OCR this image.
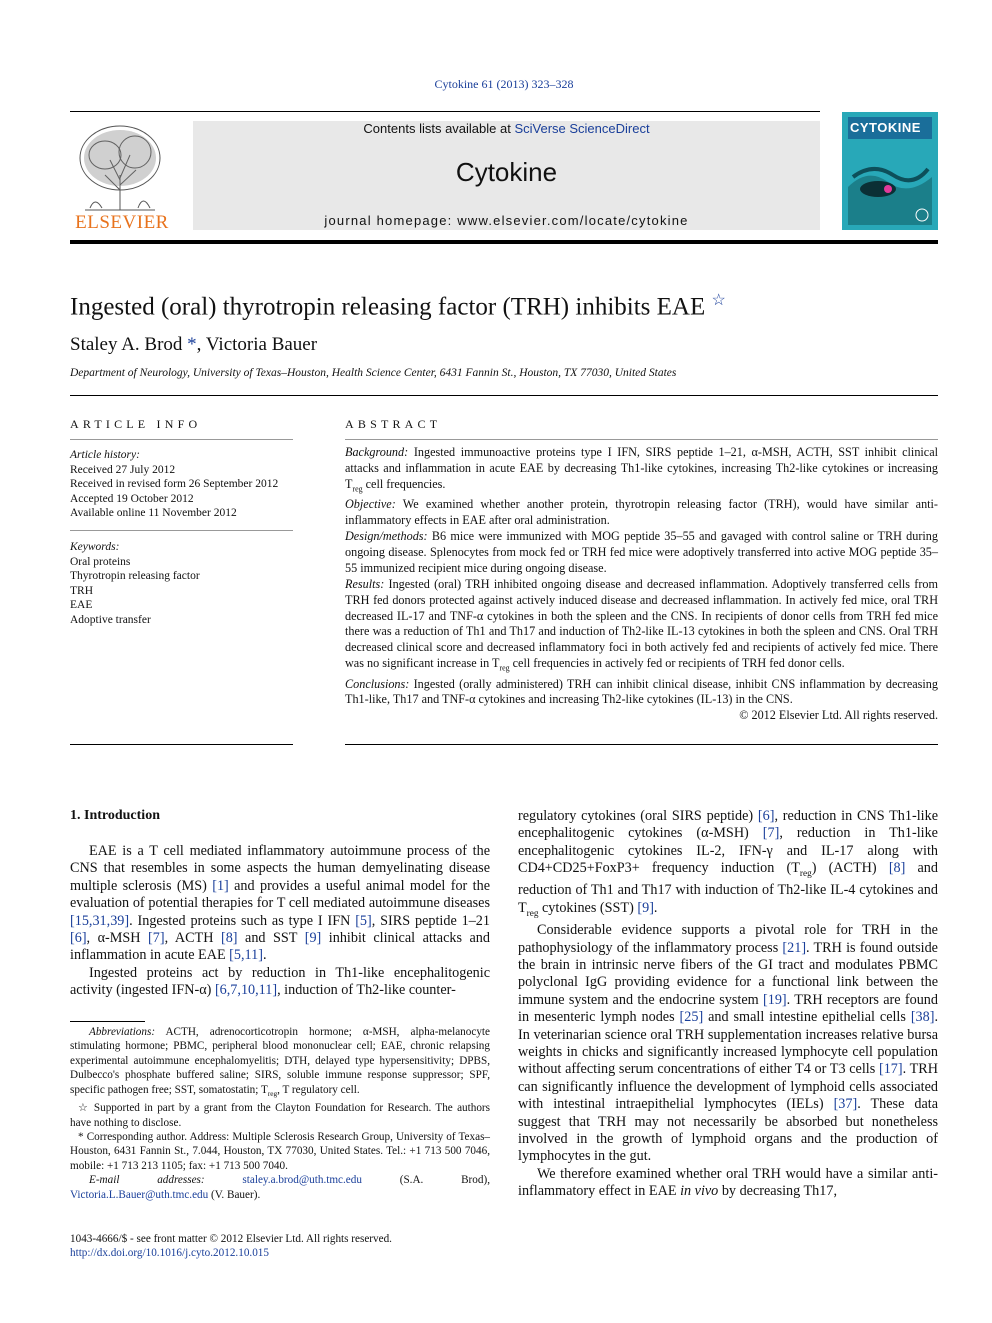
Cytokine 61 (2013) 323–328
ELSEVIER
Contents lists available at SciVerse ScienceDirect
Cytokine
journal homepage: www.elsevier.com/locate/cytokine
CYTOKINE
Ingested (oral) thyrotropin releasing factor (TRH) inhibits EAE ☆
Staley A. Brod *, Victoria Bauer
Department of Neurology, University of Texas–Houston, Health Science Center, 6431 Fannin St., Houston, TX 77030, United States
ARTICLE INFO
Article history:
Received 27 July 2012
Received in revised form 26 September 2012
Accepted 19 October 2012
Available online 11 November 2012
Keywords:
Oral proteins
Thyrotropin releasing factor
TRH
EAE
Adoptive transfer
ABSTRACT

Background: Ingested immunoactive proteins type I IFN, SIRS peptide 1–21, α-MSH, ACTH, SST inhibit clinical attacks and inflammation in acute EAE by decreasing Th1-like cytokines, increasing Th2-like cytokines or increasing $T_{reg}$ cell frequencies.

Objective: We examined whether another protein, thyrotropin releasing factor (TRH), would have similar anti-inflammatory effects in EAE after oral administration.

Design/methods: B6 mice were immunized with MOG peptide 35–55 and gavaged with control saline or TRH during ongoing disease. Splenocytes from mock fed or TRH fed mice were adoptively transferred into active MOG peptide 35–55 immunized recipient mice during ongoing disease.

Results: Ingested (oral) TRH inhibited ongoing disease and decreased inflammation. Adoptively transferred cells from TRH fed donors protected against actively induced disease and decreased inflammation. In actively fed mice, oral TRH decreased IL-17 and TNF-α cytokines in both the spleen and the CNS. In recipients of donor cells from TRH fed mice there was a reduction of Th1 and Th17 and induction of Th2-like IL-13 cytokines in both the spleen and CNS. Oral TRH decreased clinical score and decreased inflammatory foci in both actively fed and recipients of actively fed mice. There was no significant increase in $T_{reg}$ cell frequencies in actively fed or recipients of TRH fed donor cells.

Conclusions: Ingested (orally administered) TRH can inhibit clinical disease, inhibit CNS inflammation by decreasing Th1-like, Th17 and TNF-α cytokines and increasing Th2-like cytokines (IL-13) in the CNS.

© 2012 Elsevier Ltd. All rights reserved.

1. Introduction

EAE is a T cell mediated inflammatory autoimmune process of the CNS that resembles in some aspects the human demyelinating disease multiple sclerosis (MS) [1] and provides a useful animal model for the evaluation of potential therapies for T cell mediated autoimmune diseases [15,31,39]. Ingested proteins such as type I IFN [5], SIRS peptide 1–21 [6], α-MSH [7], ACTH [8] and SST [9] inhibit clinical attacks and inflammation in acute EAE [5,11].

Ingested proteins act by reduction in Th1-like encephalitogenic activity (ingested IFN-α) [6,7,10,11], induction of Th2-like counter-

Abbreviations: ACTH, adrenocorticotropin hormone; α-MSH, alpha-melanocyte stimulating hormone; PBMC, peripheral blood mononuclear cell; EAE, chronic relapsing experimental autoimmune encephalomyelitis; DTH, delayed type hypersensitivity; DPBS, Dulbecco's phosphate buffered saline; SIRS, soluble immune response suppressor; SPF, specific pathogen free; SST, somatostatin; $T_{reg}$, T regulatory cell.

☆ Supported in part by a grant from the Clayton Foundation for Research. The authors have nothing to disclose.

* Corresponding author. Address: Multiple Sclerosis Research Group, University of Texas–Houston, 6431 Fannin St., 7.044, Houston, TX 77030, United States. Tel.: +1 713 500 7046, mobile: +1 713 213 1105; fax: +1 713 500 7040.

E-mail addresses:	staley.a.brod@uth.tmc.edu (S.A. Brod), Victoria.L.Bauer@uth.tmc.edu (V. Bauer).

1043-4666/$ - see front matter © 2012 Elsevier Ltd. All rights reserved.
http://dx.doi.org/10.1016/j.cyto.2012.10.015

regulatory cytokines (oral SIRS peptide) [6], reduction in CNS Th1-like encephalitogenic cytokines (α-MSH) [7], reduction in Th1-like encephalitogenic cytokines IL-2, IFN-γ and IL-17 along with CD4+CD25+FoxP3+ frequency induction $(T_{reg})$ (ACTH) [8] and reduction of Th1 and Th17 with induction of Th2-like IL-4 cytokines and $T_{reg}$ cytokines (SST) [9].

Considerable evidence supports a pivotal role for TRH in the pathophysiology of the inflammatory process [21]. TRH is found outside the brain in intrinsic nerve fibers of the GI tract and modulates PBMC polyclonal IgG providing evidence for a functional link between the immune system and the endocrine system [19]. TRH receptors are found in mesenteric lymph nodes [25] and small intestine epithelial cells [38]. In veterinarian science oral TRH supplementation increases relative bursa weights in chicks and significantly increased lymphocyte cell population without affecting serum concentrations of either T4 or T3 cells [17]. TRH can significantly influence the development of lymphoid cells associated with intestinal intraepithelial lymphocytes (IELs) [37]. These data suggest that TRH may not necessarily be absorbed but nonetheless involved in the growth of lymphoid organs and the production of lymphocytes in the gut.

We therefore examined whether oral TRH would have a similar anti-inflammatory effect in EAE in vivo by decreasing Th17,
